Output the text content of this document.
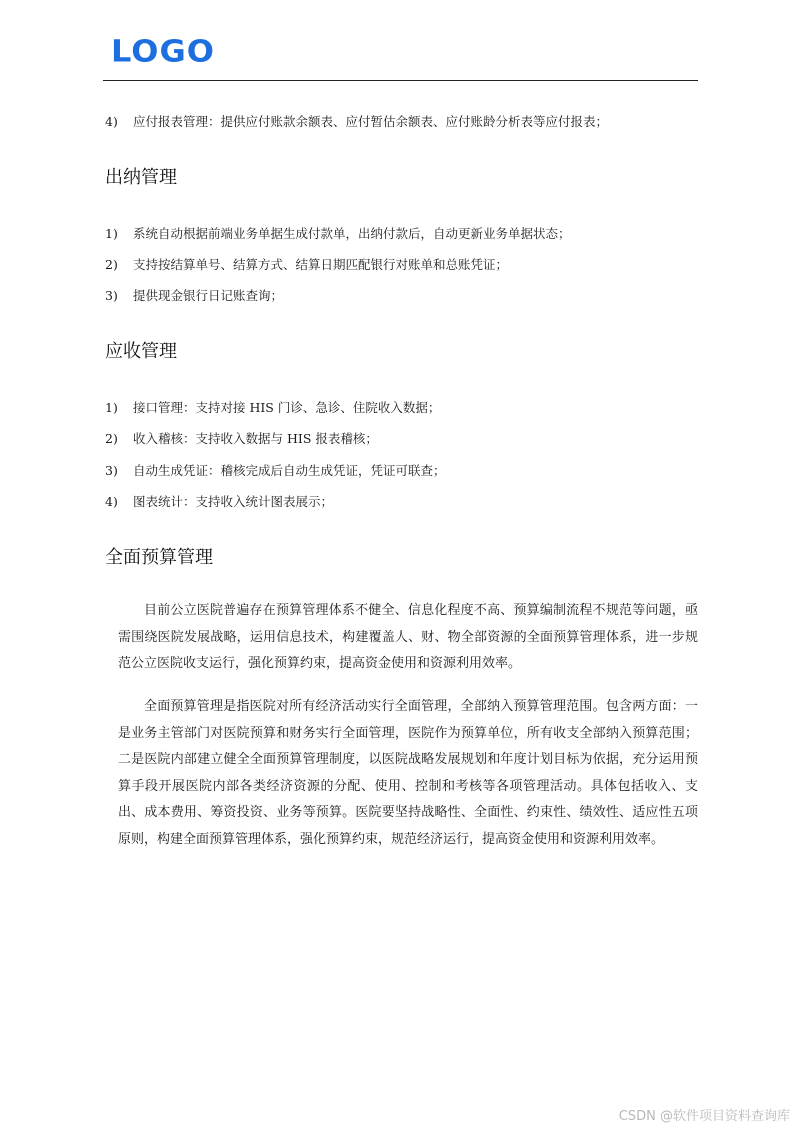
LOGO
4) 应付报表管理：提供应付账款余额表、应付暂估余额表、应付账龄分析表等应付报表；
出纳管理
1) 系统自动根据前端业务单据生成付款单，出纳付款后，自动更新业务单据状态；
2) 支持按结算单号、结算方式、结算日期匹配银行对账单和总账凭证；
3) 提供现金银行日记账查询；
应收管理
1) 接口管理：支持对接 HIS 门诊、急诊、住院收入数据；
2) 收入稽核：支持收入数据与 HIS 报表稽核；
3) 自动生成凭证：稽核完成后自动生成凭证，凭证可联查；
4) 图表统计：支持收入统计图表展示；
全面预算管理

目前公立医院普遍存在预算管理体系不健全、信息化程度不高、预算编制流程不规范等问题，亟需围绕医院发展战略，运用信息技术，构建覆盖人、财、物全部资源的全面预算管理体系，进一步规范公立医院收支运行，强化预算约束，提高资金使用和资源利用效率。

全面预算管理是指医院对所有经济活动实行全面管理，全部纳入预算管理范围。包含两方面：一是业务主管部门对医院预算和财务实行全面管理，医院作为预算单位，所有收支全部纳入预算范围；二是医院内部建立健全全面预算管理制度，以医院战略发展规划和年度计划目标为依据，充分运用预算手段开展医院内部各类经济资源的分配、使用、控制和考核等各项管理活动。具体包括收入、支出、成本费用、筹资投资、业务等预算。医院要坚持战略性、全面性、约束性、绩效性、适应性五项原则，构建全面预算管理体系，强化预算约束，规范经济运行，提高资金使用和资源利用效率。

CSDN @软件项目资料查询库
